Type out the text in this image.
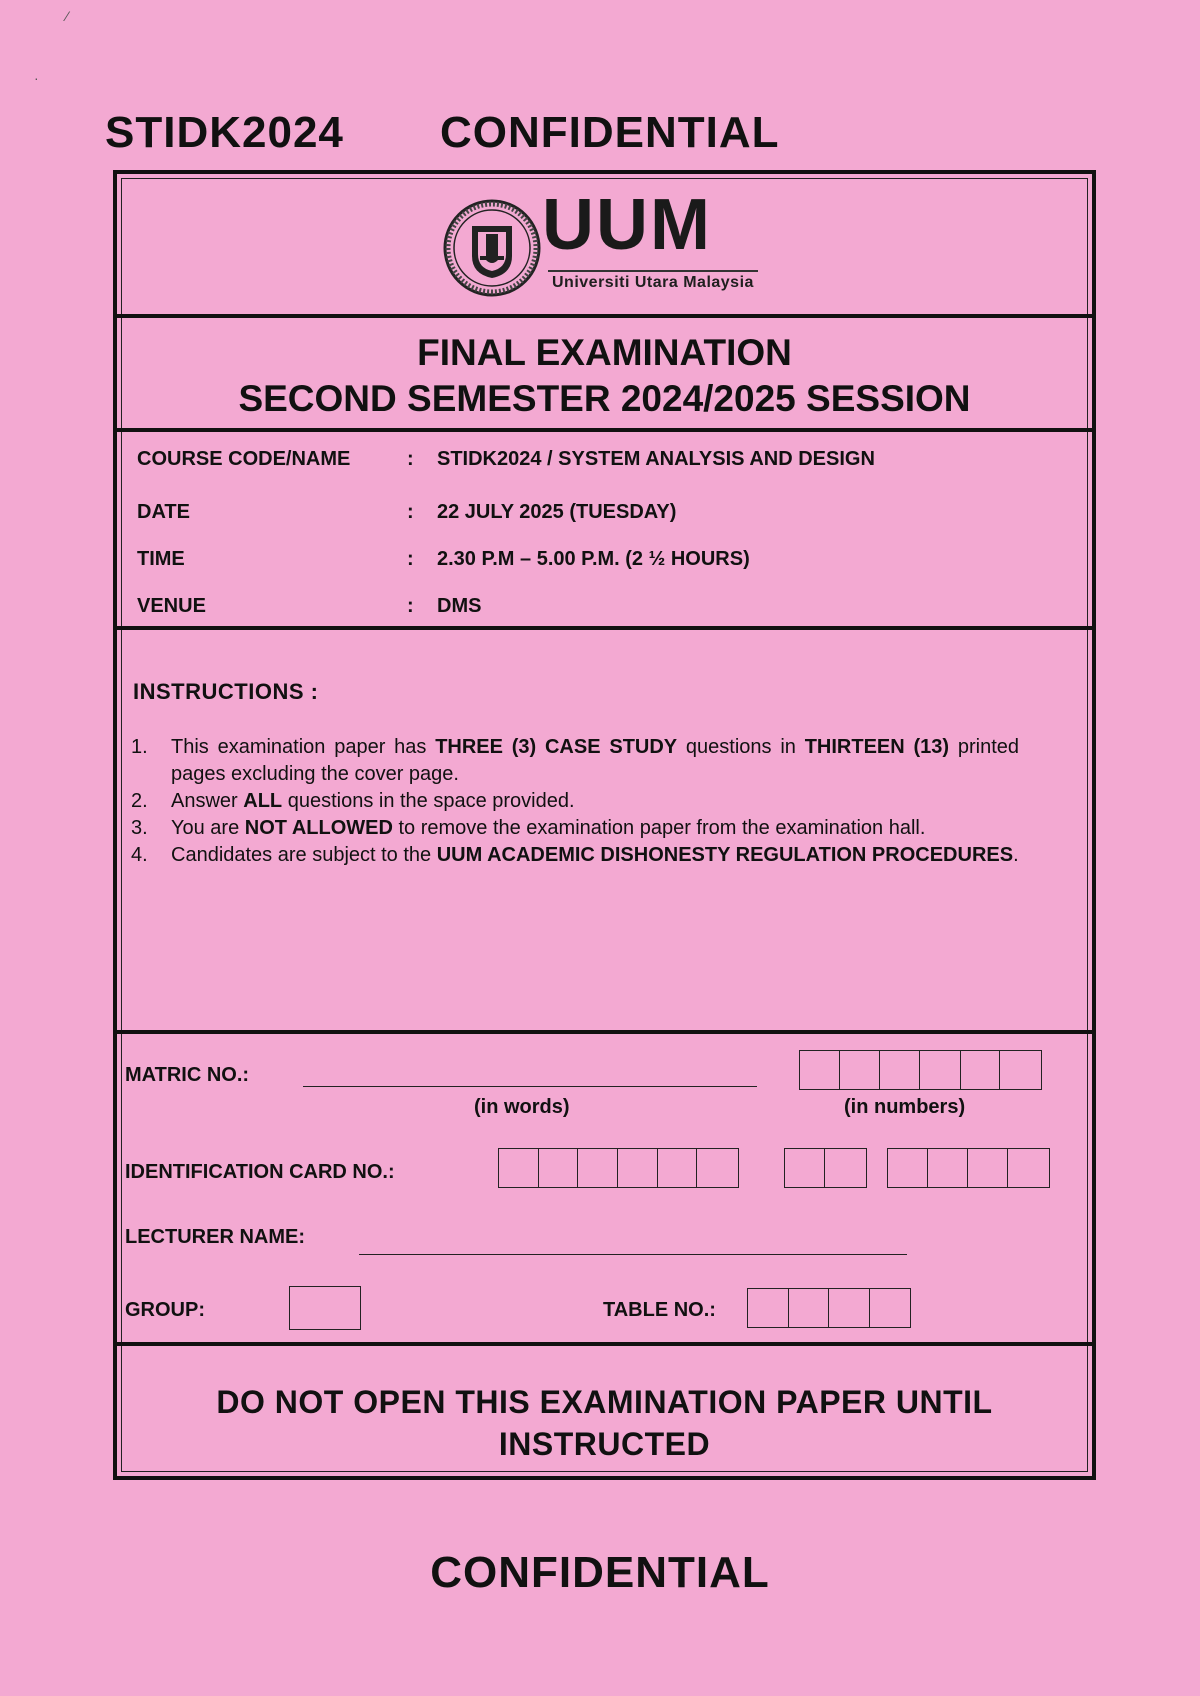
⁄
·
STIDK2024 CONFIDENTIAL
UUM
Universiti Utara Malaysia
FINAL EXAMINATION
SECOND SEMESTER 2024/2025 SESSION
COURSE CODE/NAME	: STIDK2024 / SYSTEM ANALYSIS AND DESIGN
DATE	: 22 JULY 2025 (TUESDAY)
TIME	: 2.30 P.M – 5.00 P.M. (2 ½ HOURS)
VENUE	: DMS
INSTRUCTIONS :
1. This examination paper has THREE (3) CASE STUDY questions in THIRTEEN (13) printed pages excluding the cover page.
2. Answer ALL questions in the space provided.
3. You are NOT ALLOWED to remove the examination paper from the examination hall.
4. Candidates are subject to the UUM ACADEMIC DISHONESTY REGULATION PROCEDURES.
MATRIC NO.:
(in words)	(in numbers)
IDENTIFICATION CARD NO.:
LECTURER NAME:
GROUP:	TABLE NO.:
DO NOT OPEN THIS EXAMINATION PAPER UNTIL
INSTRUCTED
CONFIDENTIAL
